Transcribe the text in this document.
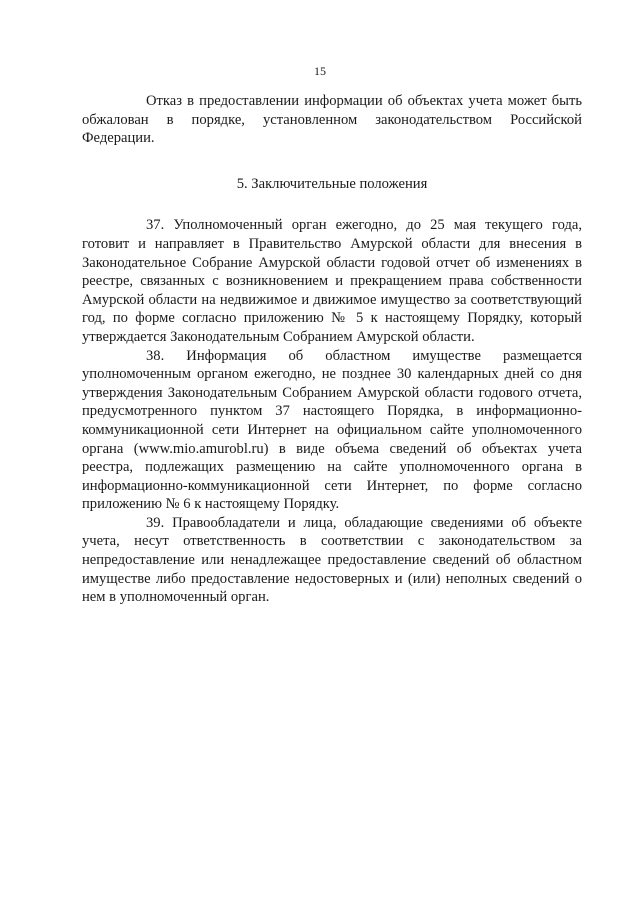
15

Отказ в предоставлении информации об объектах учета может быть обжалован в порядке, установленном законодательством Российской Федерации.

5. Заключительные положения

37. Уполномоченный орган ежегодно, до 25 мая текущего года, готовит и направляет в Правительство Амурской области для внесения в Законодательное Собрание Амурской области годовой отчет об изменениях в реестре, связанных с возникновением и прекращением права собственности Амурской области на недвижимое и движимое имущество за соответствующий год, по форме согласно приложению № 5 к настоящему Порядку, который утверждается Законодательным Собранием Амурской области.

38. Информация об областном имуществе размещается уполномоченным органом ежегодно, не позднее 30 календарных дней со дня утверждения Законодательным Собранием Амурской области годового отчета, предусмотренного пунктом 37 настоящего Порядка, в информационно-коммуникационной сети Интернет на официальном сайте уполномоченного органа (www.mio.amurobl.ru) в виде объема сведений об объектах учета реестра, подлежащих размещению на сайте уполномоченного органа в информационно-коммуникационной сети Интернет, по форме согласно приложению № 6 к настоящему Порядку.

39. Правообладатели и лица, обладающие сведениями об объекте учета, несут ответственность в соответствии с законодательством за непредоставление или ненадлежащее предоставление сведений об областном имуществе либо предоставление недостоверных и (или) неполных сведений о нем в уполномоченный орган.
